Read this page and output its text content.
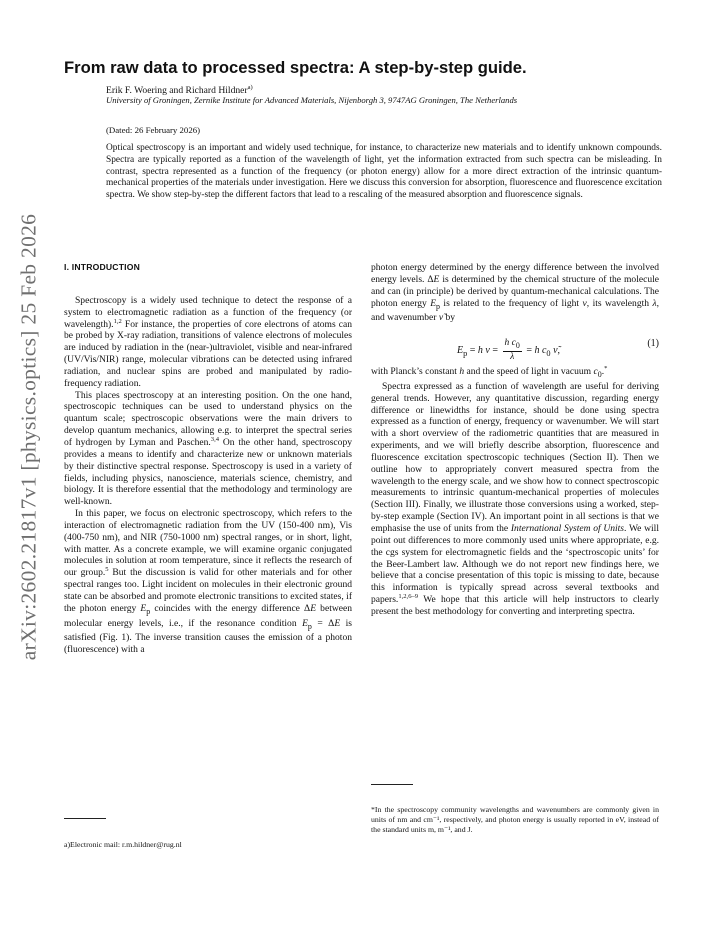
arXiv:2602.21817v1 [physics.optics] 25 Feb 2026
From raw data to processed spectra: A step-by-step guide.
Erik F. Woering and Richard Hildner$^{a)}$
University of Groningen, Zernike Institute for Advanced Materials, Nijenborgh 3, 9747AG Groningen, The Netherlands
(Dated: 26 February 2026)

Optical spectroscopy is an important and widely used technique, for instance, to characterize new materials and to identify unknown compounds. Spectra are typically reported as a function of the wavelength of light, yet the information extracted from such spectra can be misleading. In contrast, spectra represented as a function of the frequency (or photon energy) allow for a more direct extraction of the intrinsic quantum-mechanical properties of the materials under investigation. Here we discuss this conversion for absorption, fluorescence and fluorescence excitation spectra. We show step-by-step the different factors that lead to a rescaling of the measured absorption and fluorescence signals.

I. INTRODUCTION

Spectroscopy is a widely used technique to detect the response of a system to electromagnetic radiation as a function of the frequency (or wavelength).$^{1,2}$ For instance, the properties of core electrons of atoms can be probed by X-ray radiation, transitions of valence electrons of molecules are induced by radiation in the (near-)ultraviolet, visible and near-infrared (UV/Vis/NIR) range, molecular vibrations can be detected using infrared radiation, and nuclear spins are probed and manipulated by radio-frequency radiation.

This places spectroscopy at an interesting position. On the one hand, spectroscopic techniques can be used to understand physics on the quantum scale; spectroscopic observations were the main drivers to develop quantum mechanics, allowing e.g. to interpret the spectral series of hydrogen by Lyman and Paschen.$^{3,4}$ On the other hand, spectroscopy provides a means to identify and characterize new or unknown materials by their distinctive spectral response. Spectroscopy is used in a variety of fields, including physics, nanoscience, materials science, chemistry, and biology. It is therefore essential that the methodology and terminology are well-known.

In this paper, we focus on electronic spectroscopy, which refers to the interaction of electromagnetic radiation from the UV (150-400 nm), Vis (400-750 nm), and NIR (750-1000 nm) spectral ranges, or in short, light, with matter. As a concrete example, we will examine organic conjugated molecules in solution at room temperature, since it reflects the research of our group.$^5$ But the discussion is valid for other materials and for other spectral ranges too. Light incident on molecules in their electronic ground state can be absorbed and promote electronic transitions to excited states, if the photon energy $E_p$ coincides with the energy difference ΔE between molecular energy levels, i.e., if the resonance condition $E_p = \Delta E$ is satisfied (Fig. 1). The inverse transition causes the emission of a photon (fluorescence) with a

photon energy determined by the energy difference between the involved energy levels. ΔE is determined by the chemical structure of the molecule and can (in principle) be derived by quantum-mechanical calculations. The photon energy $E_p$ is related to the frequency of light ν, its wavelength λ, and wavenumber ν̃ by

$E_p = h$ $\nu = \frac{h c_0}{\lambda} = h$ $c_0$ ν̃,
(1)

with Planck’s constant h and the speed of light in vacuum $c_0.^*$

Spectra expressed as a function of wavelength are useful for deriving general trends. However, any quantitative discussion, regarding energy difference or linewidths for instance, should be done using spectra expressed as a function of energy, frequency or wavenumber. We will start with a short overview of the radiometric quantities that are measured in experiments, and we will briefly describe absorption, fluorescence and fluorescence excitation spectroscopic techniques (Section II). Then we outline how to appropriately convert measured spectra from the wavelength to the energy scale, and we show how to connect spectroscopic measurements to intrinsic quantum-mechanical properties of molecules (Section III). Finally, we illustrate those conversions using a worked, step-by-step example (Section IV). An important point in all sections is that we emphasise the use of units from the International System of Units. We will point out differences to more commonly used units where appropriate, e.g. the cgs system for electromagnetic fields and the ‘spectroscopic units’ for the Beer-Lambert law. Although we do not report new findings here, we believe that a concise presentation of this topic is missing to date, because this information is typically spread across several textbooks and papers.$^{1,2,6-9}$ We hope that this article will help instructors to clearly present the best methodology for converting and interpreting spectra.

a)Electronic mail: r.m.hildner@rug.nl
*In the spectroscopy community wavelengths and wavenumbers are commonly given in units of nm and cm⁻¹, respectively, and photon energy is usually reported in eV, instead of the standard units m, m⁻¹, and J.
